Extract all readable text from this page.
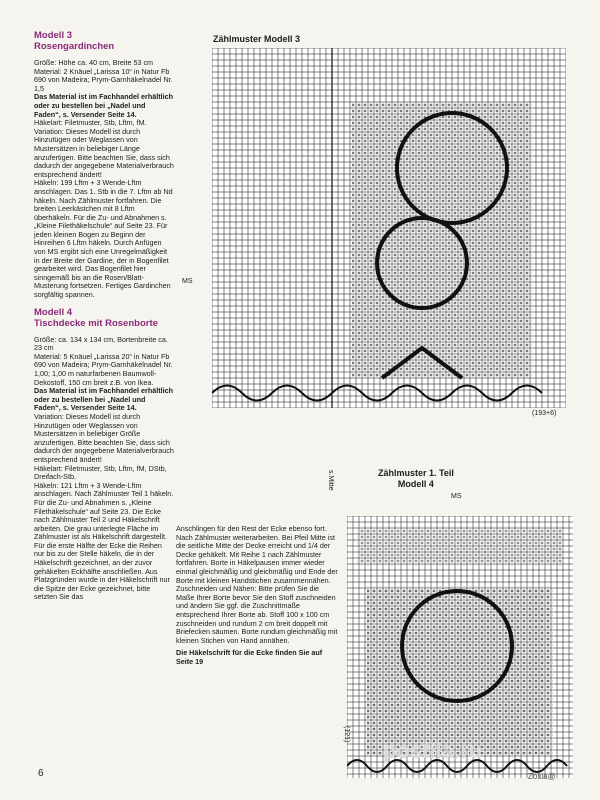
Modell 3
Rosengardinchen

Größe: Höhe ca. 40 cm, Breite 53 cm

Material: 2 Knäuel „Larissa 10“ in Natur Fb 690 von Madeira; Prym-Garnhäkelnadel Nr. 1,5

Das Material ist im Fachhandel erhältlich oder zu bestellen bei „Nadel und Faden“, s. Versender Seite 14.

Häkelart: Filetmuster, Stb, Lftm, fM.

Variation: Dieses Modell ist durch Hinzutügen oder Weglassen von Mustersätzen in beliebiger Länge anzufertigen. Bitte beachten Sie, dass sich dadurch der angegebene Materialverbrauch entsprechend ändert!

Häkeln: 199 Lftm + 3 Wende-Lftm anschlagen. Das 1. Stb in die 7. Lftm ab Nd häkeln. Nach Zählmuster fortfahren. Die breiten Leerkästchen mit 8 Lftm überhäkeln. Für die Zu- und Abnahmen s. „Kleine Filethäkelschule“ auf Seite 23. Für jeden kleinen Bogen zu Beginn der Hinreihen 6 Lftm häkeln. Durch Anfügen von MS ergibt sich eine Unregelmäßigkeit in der Breite der Gardine, der in Bogenfilet gearbeitet wird. Das Bogenfilet hier sinngemäß bis an die Rosen/Blatt-Musterung fortsetzen. Fertiges Gardinchen sorgfältig spannen.

Modell 4
Tischdecke mit Rosenborte

Größe: ca. 134 x 134 cm, Bortenbreite ca. 23 cm

Material: 5 Knäuel „Larissa 20“ in Natur Fb 690 von Madeira; Prym-Garnhäkelnadel Nr. 1,00; 1,00 m naturfarbenen Baumwoll-Dekostoff, 150 cm breit z.B. von Ikea.

Das Material ist im Fachhandel erhältlich oder zu bestellen bei „Nadel und Faden“, s. Versender Seite 14.

Variation: Dieses Modell ist durch Hinzutügen oder Weglassen von Mustersätzen in beliebiger Größe anzufertigen. Bitte beachten Sie, dass sich dadurch der angegebene Materialverbrauch entsprechend ändert!

Häkelart: Filetmuster, Stb, Lftm, fM, DStb, Dreifach-Stb.

Häkeln: 121 Lftm + 3 Wende-Lftm anschlagen. Nach Zählmuster Teil 1 häkeln. Für die Zu- und Abnahmen s. „Kleine Filethäkelschule“ auf Seite 23. Die Ecke nach Zählmuster Teil 2 und Häkelschrift arbeiten. Die grau unterlegte Fläche im Zählmuster ist als Häkelschrift dargestellt. Für die erste Hälfte der Ecke die Reihen nur bis zu der Stelle häkeln, die in der Häkelschrift gezeichnet, an der zuvor gehäkelten Eckhälfte anschließen. Aus Platzgründen wurde in der Häkelschrift nur die Spitze der Ecke gezeichnet, bitte setzten Sie das

Zählmuster Modell 3
MS
(193+6)
Zählmuster 1. Teil
Modell 4
MS
s.Mitte
(121)

Anschlingen für den Rest der Ecke ebenso fort. Nach Zählmuster weiterarbeiten. Bei Pfeil Mitte ist die seitliche Mitte der Decke erreicht und 1/4 der Decke gehäkelt. Mit Reihe 1 nach Zählmuster fortfahren. Borte in Häkelpausen immer wieder einmal gleichmäßig und gleichmäßig und Ende der Borte mit kleinen Handstichen zusammennähen.

Zuschneiden und Nähen: Bitte prüfen Sie die Maße Ihrer Borte bevor Sie den Stoff zuschneiden und ändern Sie ggf. die Zuschnittmaße entsprechend Ihrer Borte ab. Stoff 100 x 100 cm zuschneiden und rundum 2 cm breit doppelt mit Briefecken säumen. Borte rundum gleichmäßig mit kleinen Stichen von Hand annähen.

Die Häkelschrift für die Ecke finden Sie auf Seite 19

6
postila.ru
Zosia@
